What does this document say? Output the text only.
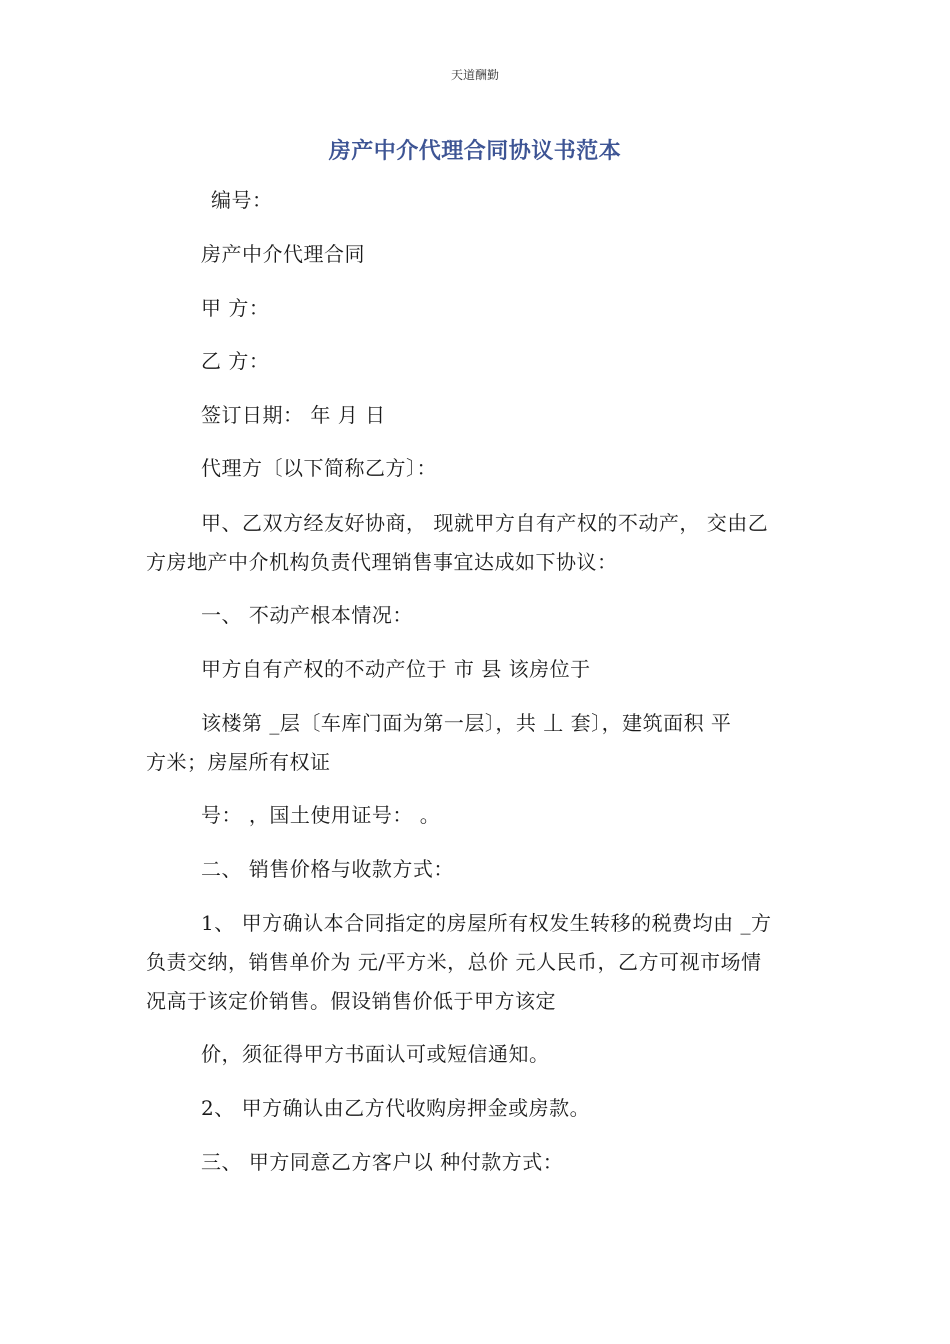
天道酬勤
房产中介代理合同协议书范本
编号：
房产中介代理合同
甲 方：
乙 方：
签订日期： 年 月 日
代理方〔以下简称乙方〕：
甲、乙双方经友好协商， 现就甲方自有产权的不动产， 交由乙
方房地产中介机构负责代理销售事宜达成如下协议：
一、 不动产根本情况：
甲方自有产权的不动产位于 市 县 该房位于
该楼第 _层〔车库门面为第一层〕，共 丄 套〕，建筑面积 平
方米；房屋所有权证
号： ，国土使用证号： 。
二、 销售价格与收款方式：
1、 甲方确认本合同指定的房屋所有权发生转移的税费均由 _方
负责交纳，销售单价为 元/平方米，总价 元人民币，乙方可视市场情
况高于该定价销售。假设销售价低于甲方该定
价，须征得甲方书面认可或短信通知。
2、 甲方确认由乙方代收购房押金或房款。
三、 甲方同意乙方客户以 种付款方式：
